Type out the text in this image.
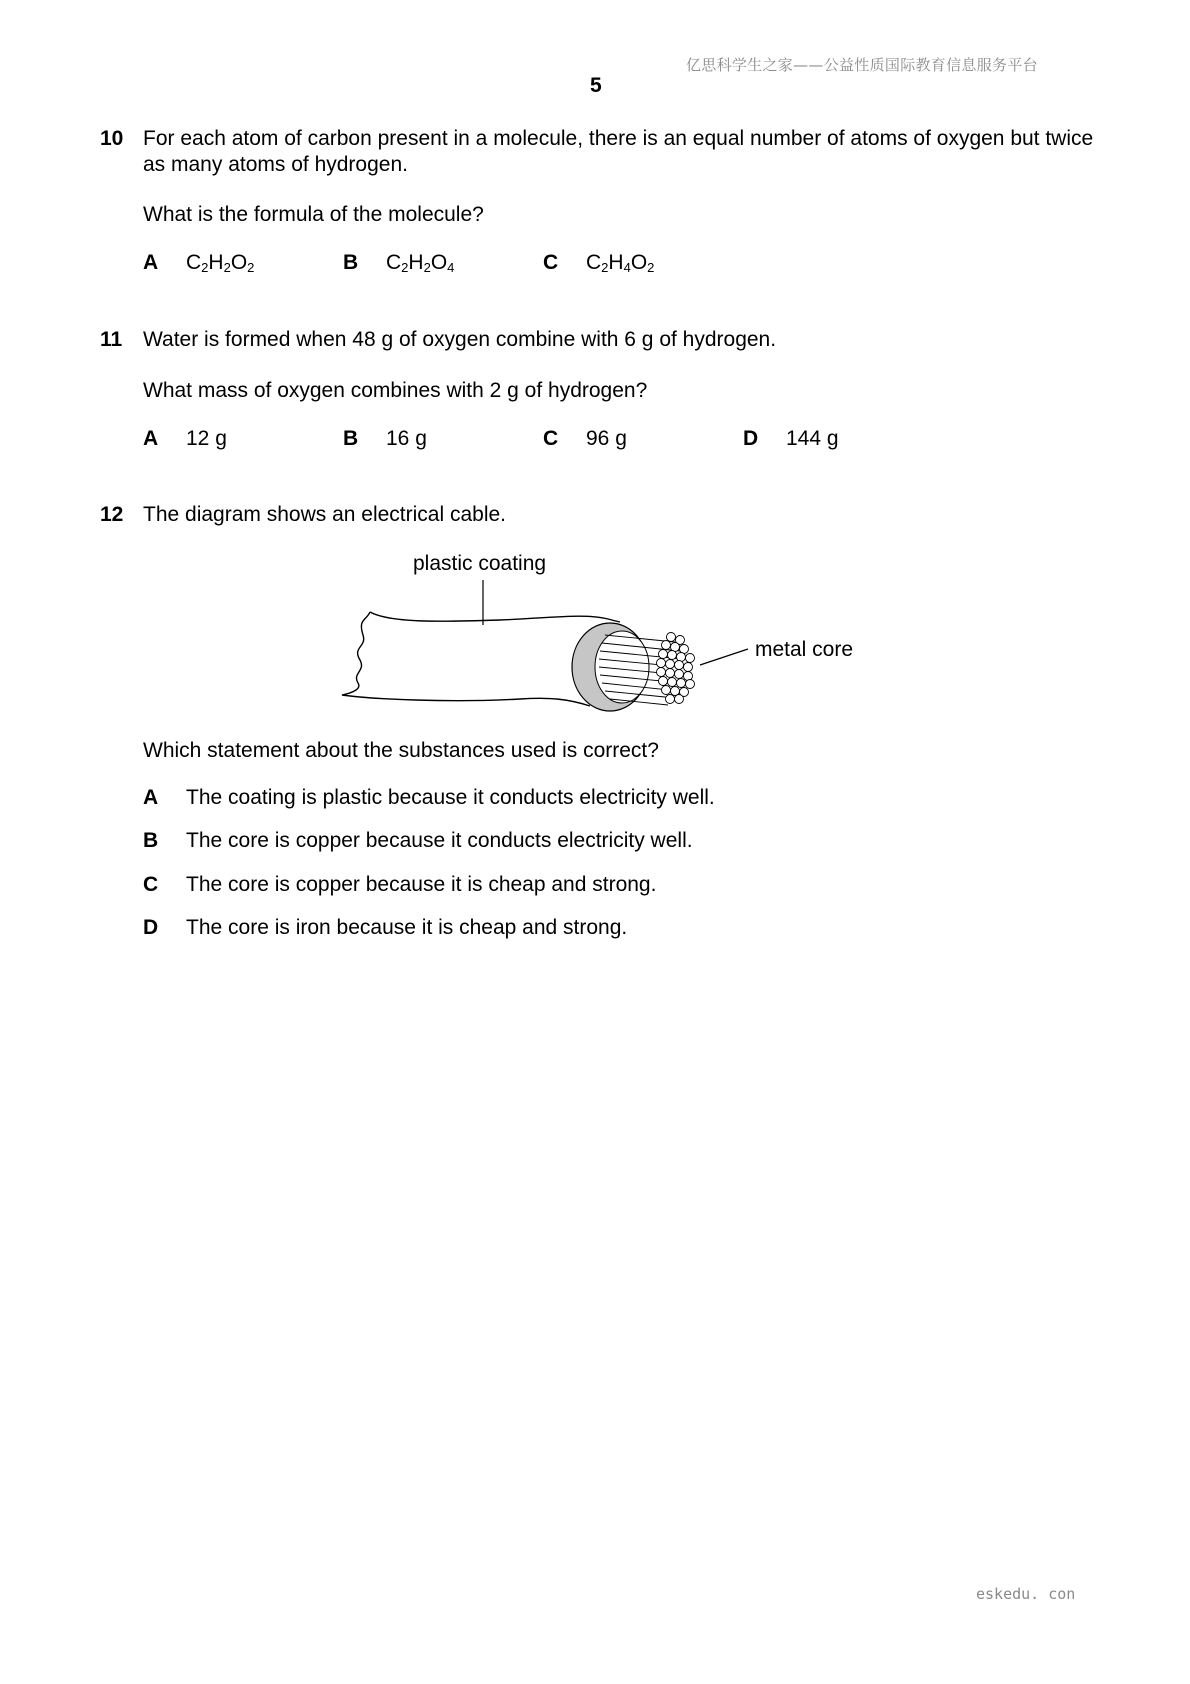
亿思科学生之家——公益性质国际教育信息服务平台
5
10 For each atom of carbon present in a molecule, there is an equal number of atoms of oxygen but twice as many atoms of hydrogen.
What is the formula of the molecule?
A $C_2H_2O_2$	B $C_2H_2O_4$	C $C_2H_4O_2$
11 Water is formed when 48 g of oxygen combine with 6 g of hydrogen.
What mass of oxygen combines with 2 g of hydrogen?
A 12 g	B 16 g	C 96 g	D 144 g
12 The diagram shows an electrical cable.
plastic coating
metal core
Which statement about the substances used is correct?
A The coating is plastic because it conducts electricity well.
B The core is copper because it conducts electricity well.
C The core is copper because it is cheap and strong.
D The core is iron because it is cheap and strong.
eskedu. con
